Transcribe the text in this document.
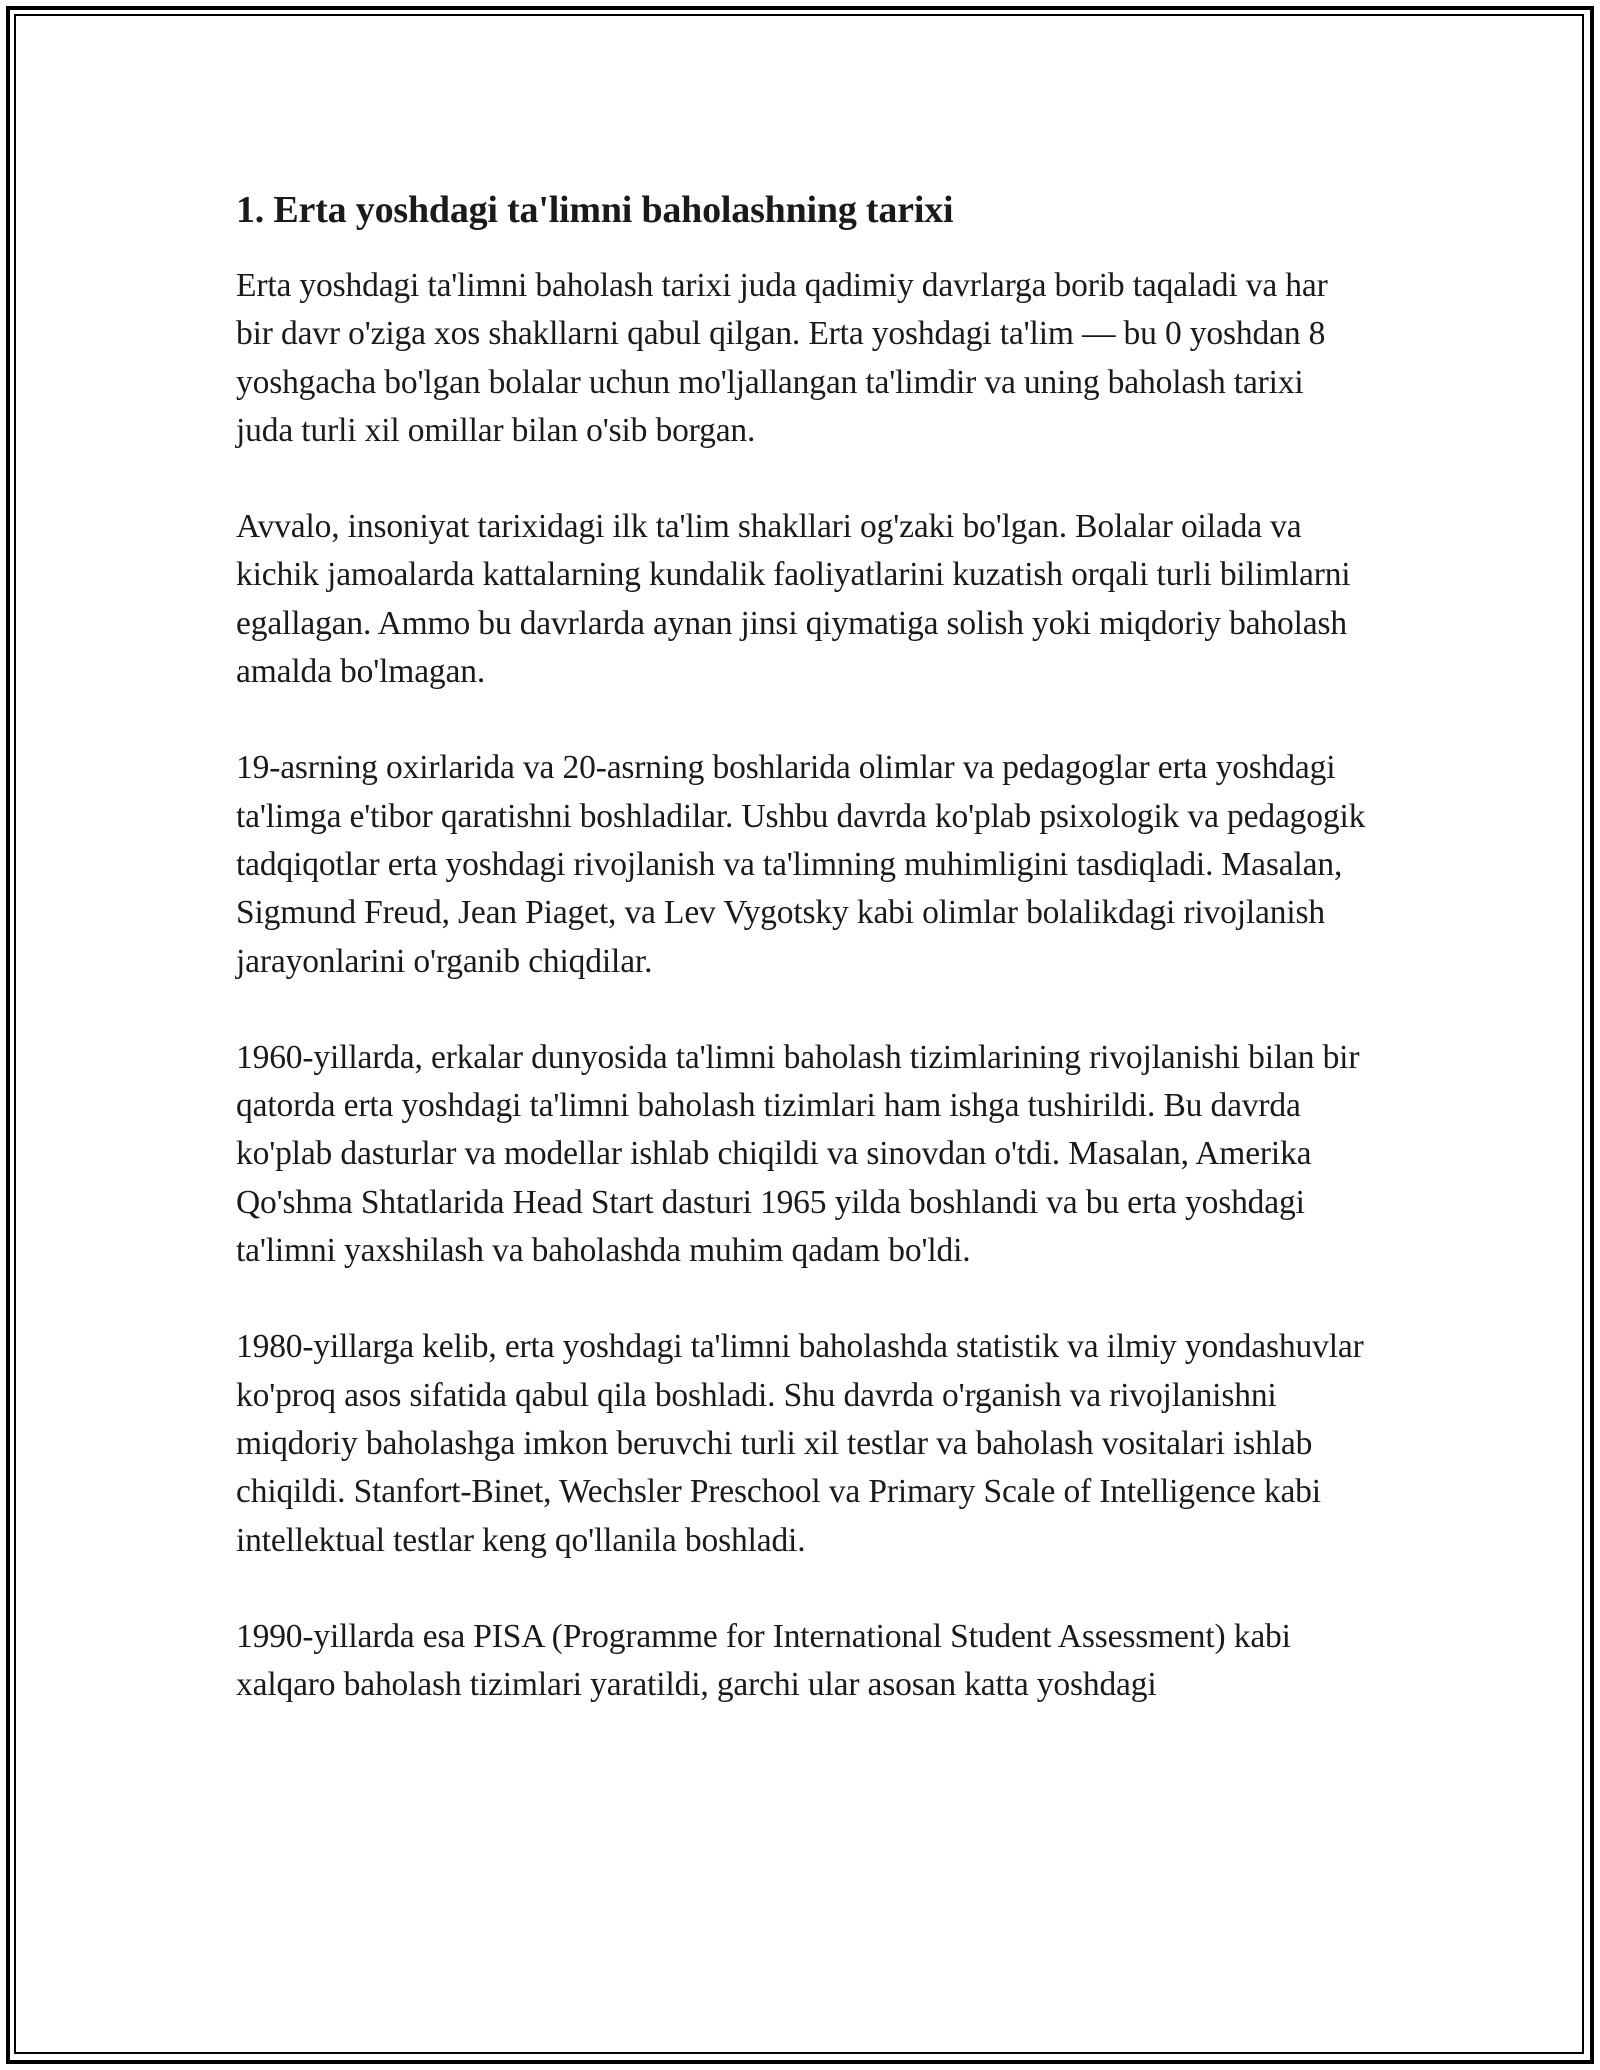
1. Erta yoshdagi ta'limni baholashning tarixi

Erta yoshdagi ta'limni baholash tarixi juda qadimiy davrlarga borib taqaladi va har bir davr o'ziga xos shakllarni qabul qilgan. Erta yoshdagi ta'lim — bu 0 yoshdan 8 yoshgacha bo'lgan bolalar uchun mo'ljallangan ta'limdir va uning baholash tarixi juda turli xil omillar bilan o'sib borgan.

Avvalo, insoniyat tarixidagi ilk ta'lim shakllari og'zaki bo'lgan. Bolalar oilada va kichik jamoalarda kattalarning kundalik faoliyatlarini kuzatish orqali turli bilimlarni egallagan. Ammo bu davrlarda aynan jinsi qiymatiga solish yoki miqdoriy baholash amalda bo'lmagan.

19-asrning oxirlarida va 20-asrning boshlarida olimlar va pedagoglar erta yoshdagi ta'limga e'tibor qaratishni boshladilar. Ushbu davrda ko'plab psixologik va pedagogik tadqiqotlar erta yoshdagi rivojlanish va ta'limning muhimligini tasdiqladi. Masalan, Sigmund Freud, Jean Piaget, va Lev Vygotsky kabi olimlar bolalikdagi rivojlanish jarayonlarini o'rganib chiqdilar.

1960-yillarda, erkalar dunyosida ta'limni baholash tizimlarining rivojlanishi bilan bir qatorda erta yoshdagi ta'limni baholash tizimlari ham ishga tushirildi. Bu davrda ko'plab dasturlar va modellar ishlab chiqildi va sinovdan o'tdi. Masalan, Amerika Qo'shma Shtatlarida Head Start dasturi 1965 yilda boshlandi va bu erta yoshdagi ta'limni yaxshilash va baholashda muhim qadam bo'ldi.

1980-yillarga kelib, erta yoshdagi ta'limni baholashda statistik va ilmiy yondashuvlar ko'proq asos sifatida qabul qila boshladi. Shu davrda o'rganish va rivojlanishni miqdoriy baholashga imkon beruvchi turli xil testlar va baholash vositalari ishlab chiqildi. Stanfort-Binet, Wechsler Preschool va Primary Scale of Intelligence kabi intellektual testlar keng qo'llanila boshladi.

1990-yillarda esa PISA (Programme for International Student Assessment) kabi xalqaro baholash tizimlari yaratildi, garchi ular asosan katta yoshdagi
